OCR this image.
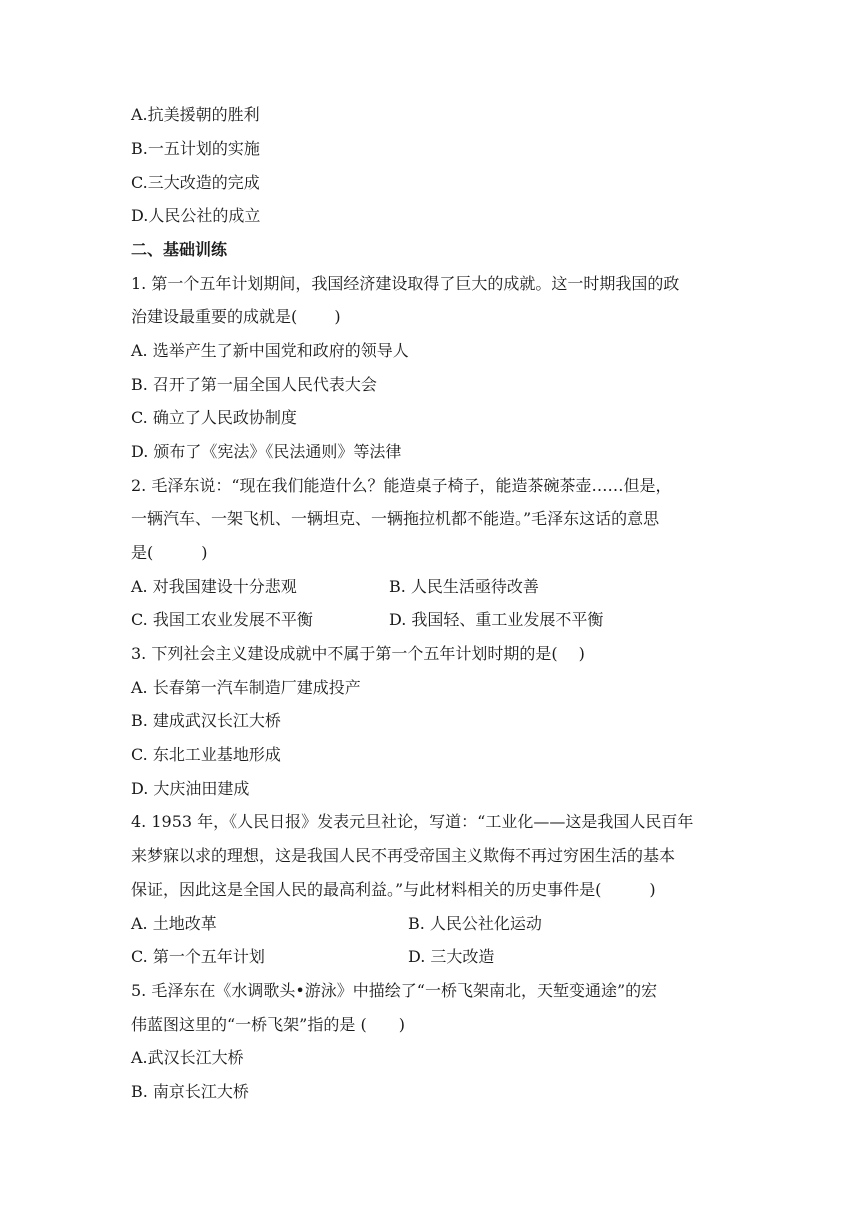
A.抗美援朝的胜利
B.一五计划的实施
C.三大改造的完成
D.人民公社的成立
二、基础训练
1. 第一个五年计划期间，我国经济建设取得了巨大的成就。这一时期我国的政
治建设最重要的成就是(　　 )
A. 选举产生了新中国党和政府的领导人
B. 召开了第一届全国人民代表大会
C. 确立了人民政协制度
D. 颁布了《宪法》《民法通则》等法律
2. 毛泽东说：“现在我们能造什么？能造桌子椅子，能造茶碗茶壶……但是，
一辆汽车、一架飞机、一辆坦克、一辆拖拉机都不能造。”毛泽东这话的意思
是(　　　)
A. 对我国建设十分悲观	B. 人民生活亟待改善
C. 我国工农业发展不平衡	D. 我国轻、重工业发展不平衡
3. 下列社会主义建设成就中不属于第一个五年计划时期的是(　 )
A. 长春第一汽车制造厂建成投产
B. 建成武汉长江大桥
C. 东北工业基地形成
D. 大庆油田建成
4. 1953 年，《人民日报》发表元旦社论，写道：“工业化——这是我国人民百年
来梦寐以求的理想，这是我国人民不再受帝国主义欺侮不再过穷困生活的基本
保证，因此这是全国人民的最高利益。”与此材料相关的历史事件是(　　　)
A. 土地改革	B. 人民公社化运动
C. 第一个五年计划	D. 三大改造
5. 毛泽东在《水调歌头•游泳》中描绘了“一桥飞架南北，天堑变通途”的宏
伟蓝图这里的“一桥飞架”指的是 (　　)
A.武汉长江大桥
B. 南京长江大桥
